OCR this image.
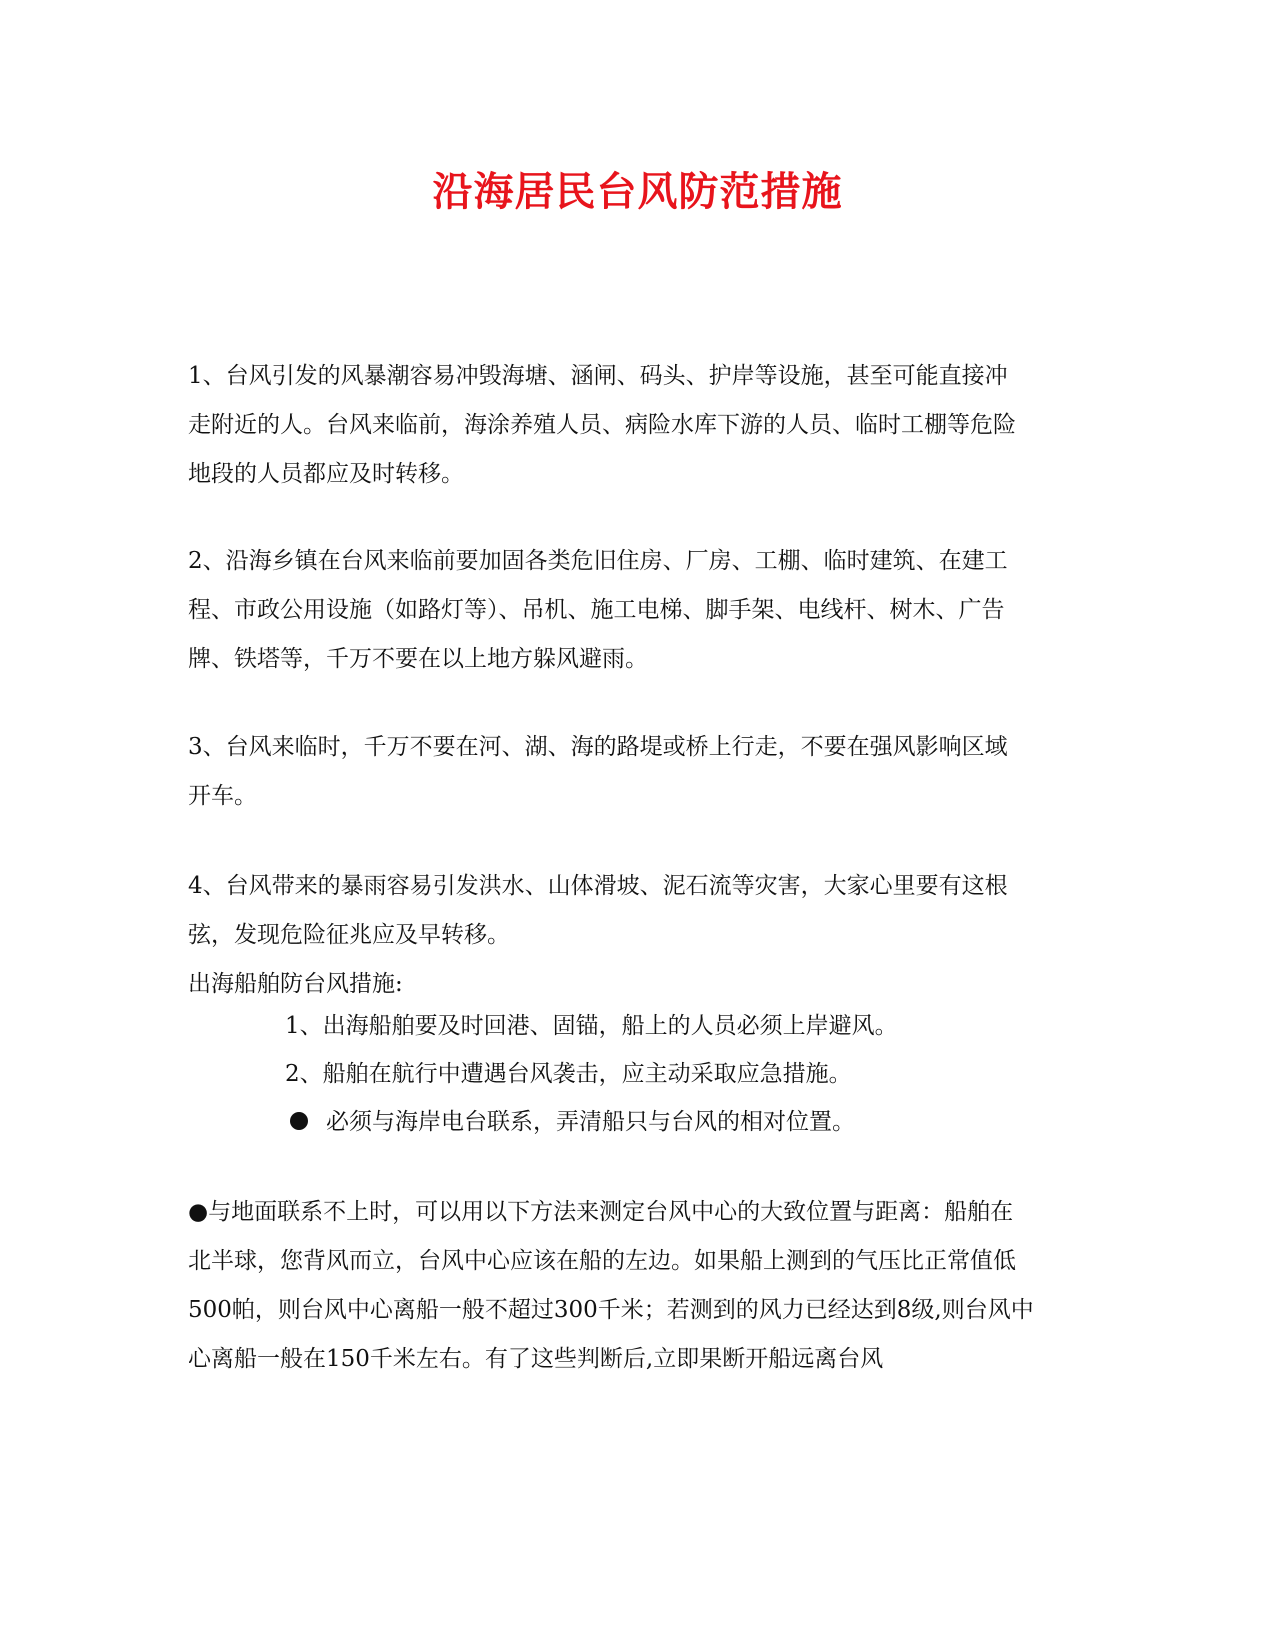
沿海居民台风防范措施
1、台风引发的风暴潮容易冲毁海塘、涵闸、码头、护岸等设施，甚至可能直接冲
走附近的人。台风来临前，海涂养殖人员、病险水库下游的人员、临时工棚等危险
地段的人员都应及时转移。
2、沿海乡镇在台风来临前要加固各类危旧住房、厂房、工棚、临时建筑、在建工
程、市政公用设施（如路灯等）、吊机、施工电梯、脚手架、电线杆、树木、广告
牌、铁塔等，千万不要在以上地方躲风避雨。
3、台风来临时，千万不要在河、湖、海的路堤或桥上行走，不要在强风影响区域
开车。
4、台风带来的暴雨容易引发洪水、山体滑坡、泥石流等灾害，大家心里要有这根
弦，发现危险征兆应及早转移。
出海船舶防台风措施:
1、出海船舶要及时回港、固锚，船上的人员必须上岸避风。
2、船舶在航行中遭遇台风袭击，应主动采取应急措施。
必须与海岸电台联系，弄清船只与台风的相对位置。
●与地面联系不上时，可以用以下方法来测定台风中心的大致位置与距离：船舶在
北半球，您背风而立，台风中心应该在船的左边。如果船上测到的气压比正常值低
500帕，则台风中心离船一般不超过300千米；若测到的风力已经达到8级,则台风中
心离船一般在150千米左右。有了这些判断后,立即果断开船远离台风
